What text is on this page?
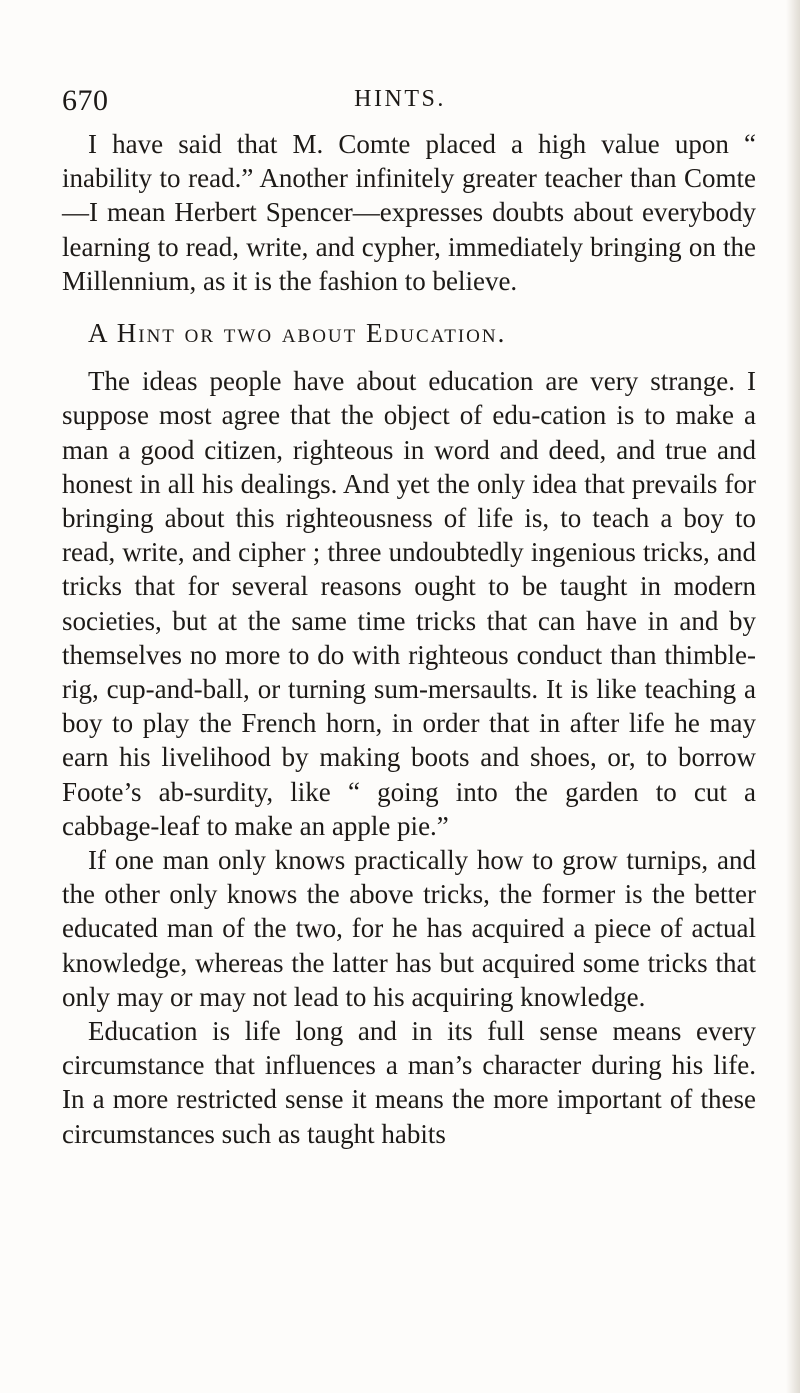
670	HINTS.

I have said that M. Comte placed a high value upon “ inability to read.” Another infinitely greater teacher than Comte—I mean Herbert Spencer—expresses doubts about everybody learning to read, write, and cypher, immediately bringing on the Millennium, as it is the fashion to believe.

A Hint or two about Education.

The ideas people have about education are very strange. I suppose most agree that the object of edu-cation is to make a man a good citizen, righteous in word and deed, and true and honest in all his dealings. And yet the only idea that prevails for bringing about this righteousness of life is, to teach a boy to read, write, and cipher ; three undoubtedly ingenious tricks, and tricks that for several reasons ought to be taught in modern societies, but at the same time tricks that can have in and by themselves no more to do with righteous conduct than thimble-rig, cup-and-ball, or turning sum-mersaults. It is like teaching a boy to play the French horn, in order that in after life he may earn his livelihood by making boots and shoes, or, to borrow Foote’s ab-surdity, like “ going into the garden to cut a cabbage-leaf to make an apple pie.”

If one man only knows practically how to grow turnips, and the other only knows the above tricks, the former is the better educated man of the two, for he has acquired a piece of actual knowledge, whereas the latter has but acquired some tricks that only may or may not lead to his acquiring knowledge.

Education is life long and in its full sense means every circumstance that influences a man’s character during his life. In a more restricted sense it means the more important of these circumstances such as taught habits
